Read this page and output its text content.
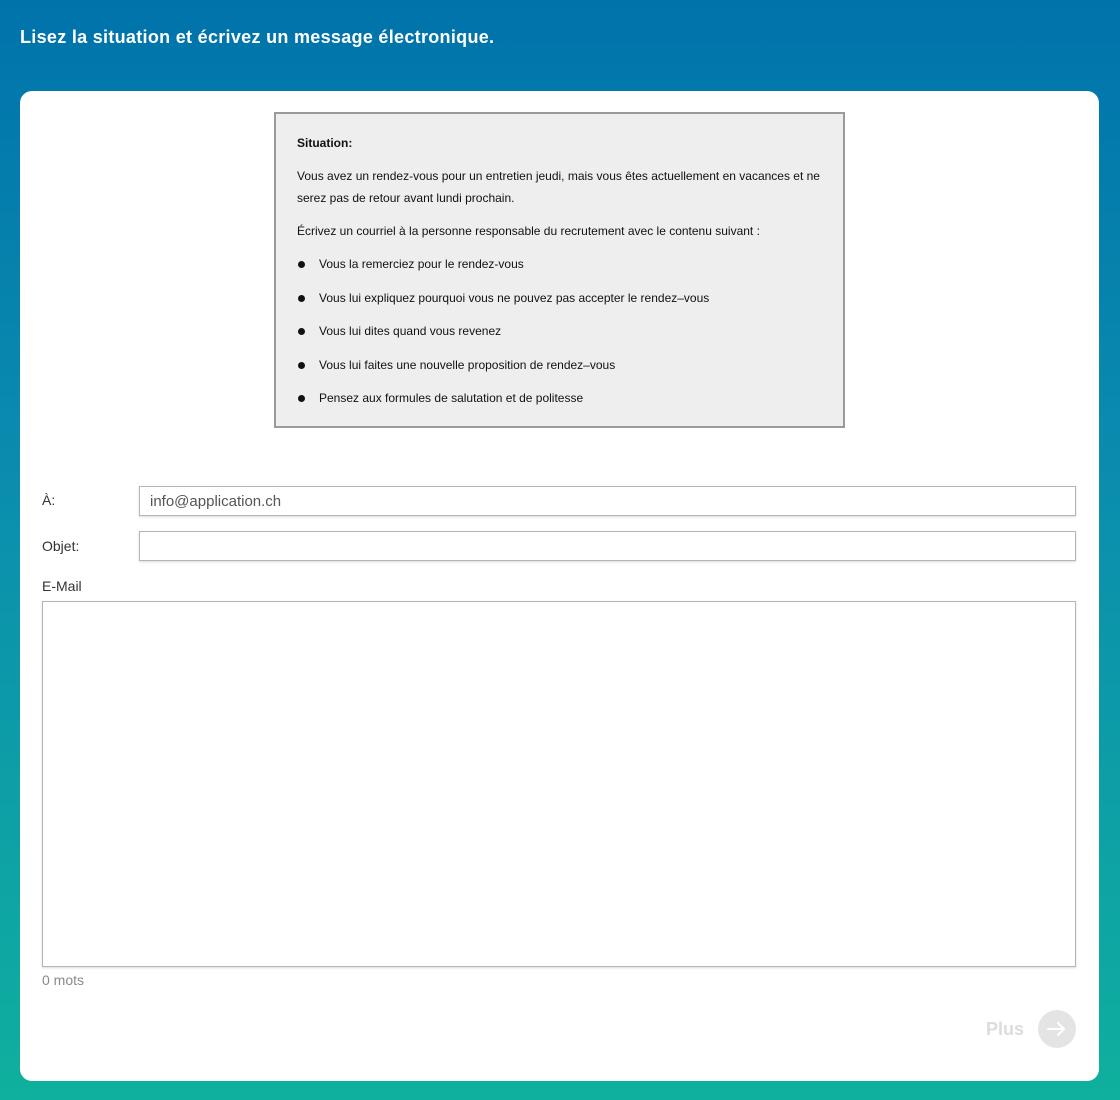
Lisez la situation et écrivez un message électronique.
Situation:

Vous avez un rendez-vous pour un entretien jeudi, mais vous êtes actuellement en vacances et ne serez pas de retour avant lundi prochain.

Écrivez un courriel à la personne responsable du recrutement avec le contenu suivant :

Vous la remerciez pour le rendez-vous
Vous lui expliquez pourquoi vous ne pouvez pas accepter le rendez–vous
Vous lui dites quand vous revenez
Vous lui faites une nouvelle proposition de rendez–vous
Pensez aux formules de salutation et de politesse
À:
info@application.ch
Objet:
E-Mail
0 mots
Plus
